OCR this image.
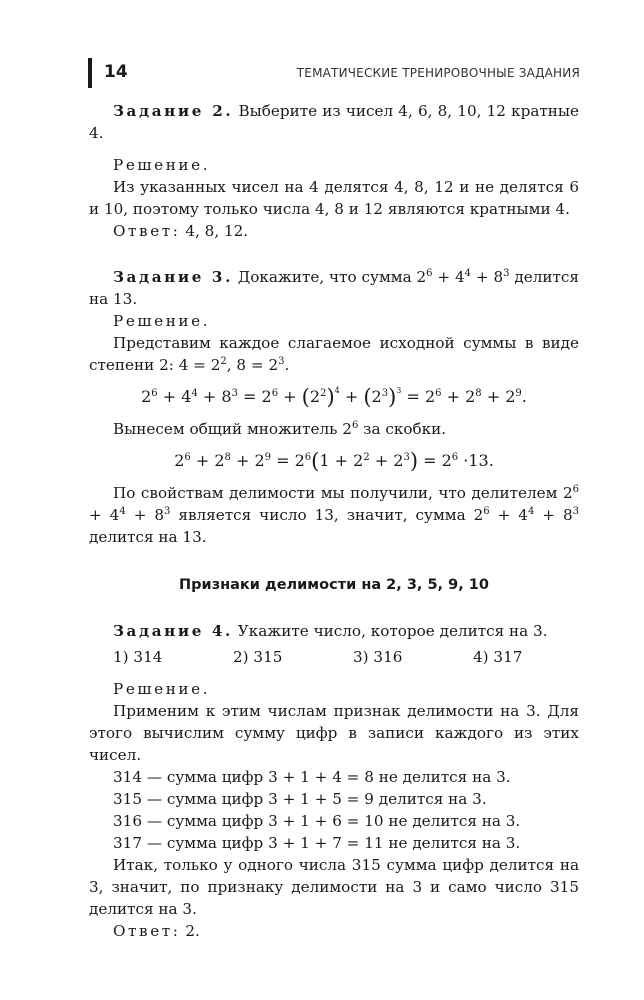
14	ТЕМАТИЧЕСКИЕ ТРЕНИРОВОЧНЫЕ ЗАДАНИЯ

Задание 2. Выберите из чисел 4, 6, 8, 10, 12 кратные 4.

Решение.

Из указанных чисел на 4 делятся 4, 8, 12 и не делятся 6 и 10, поэтому только числа 4, 8 и 12 являются кратными 4.

Ответ: 4, 8, 12.

Задание 3. Докажите, что сумма $2^6 + 4^4 + 8^3$ делится на 13.

Решение.

Представим каждое слагаемое исходной суммы в виде степени 2: $4 = 2^2$, $8 = 2^3$.

$2^6 + 4^4 + 8^3 = 2^6 + (2^2)^4 + (2^3)^3 = 2^6 + 2^8 + 2^9$.

Вынесем общий множитель $2^6$ за скобки.

$2^6 + 2^8 + 2^9 = 2^6(1 + 2^2 + 2^3) = 2^6 \cdot 13$.

По свойствам делимости мы получили, что делителем $2^6 + 4^4 + 8^3$ является число 13, значит, сумма $2^6 + 4^4 + 8^3$ делится на 13.

Признаки делимости на 2, 3, 5, 9, 10

Задание 4. Укажите число, которое делится на 3.

1) 314	2) 315	3) 316	4) 317

Решение.

Применим к этим числам признак делимости на 3. Для этого вычислим сумму цифр в записи каждого из этих чисел.

314 — сумма цифр 3 + 1 + 4 = 8 не делится на 3.

315 — сумма цифр 3 + 1 + 5 = 9 делится на 3.

316 — сумма цифр 3 + 1 + 6 = 10 не делится на 3.

317 — сумма цифр 3 + 1 + 7 = 11 не делится на 3.

Итак, только у одного числа 315 сумма цифр делится на 3, значит, по признаку делимости на 3 и само число 315 делится на 3.

Ответ: 2.
